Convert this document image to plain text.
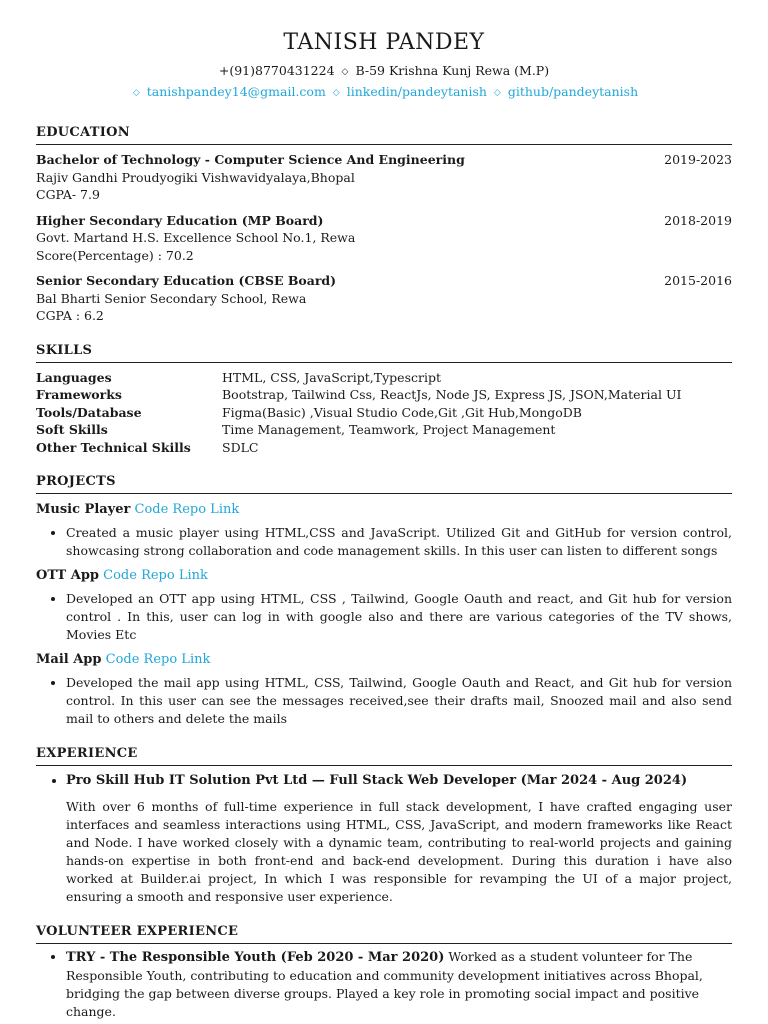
TANISH PANDEY
+(91)8770431224 ◇ B-59 Krishna Kunj Rewa (M.P)
◇ tanishpandey14@gmail.com ◇ linkedin/pandeytanish ◇ github/pandeytanish
EDUCATION
Bachelor of Technology - Computer Science And Engineering	2019-2023
Rajiv Gandhi Proudyogiki Vishwavidyalaya,Bhopal
CGPA- 7.9
Higher Secondary Education (MP Board)	2018-2019
Govt. Martand H.S. Excellence School No.1, Rewa
Score(Percentage) : 70.2
Senior Secondary Education (CBSE Board)	2015-2016
Bal Bharti Senior Secondary School, Rewa
CGPA : 6.2
SKILLS
Languages	HTML, CSS, JavaScript,Typescript
Frameworks	Bootstrap, Tailwind Css, ReactJs, Node JS, Express JS, JSON,Material UI
Tools/Database	Figma(Basic) ,Visual Studio Code,Git ,Git Hub,MongoDB
Soft Skills	Time Management, Teamwork, Project Management
Other Technical Skills	SDLC
PROJECTS
Music Player Code Repo Link
• Created a music player using HTML,CSS and JavaScript. Utilized Git and GitHub for version control, showcasing strong collaboration and code management skills. In this user can listen to different songs
OTT App Code Repo Link
• Developed an OTT app using HTML, CSS , Tailwind, Google Oauth and react, and Git hub for version control . In this, user can log in with google also and there are various categories of the TV shows, Movies Etc
Mail App Code Repo Link
• Developed the mail app using HTML, CSS, Tailwind, Google Oauth and React, and Git hub for version control. In this user can see the messages received,see their drafts mail, Snoozed mail and also send mail to others and delete the mails
EXPERIENCE
• Pro Skill Hub IT Solution Pvt Ltd — Full Stack Web Developer (Mar 2024 - Aug 2024)
With over 6 months of full-time experience in full stack development, I have crafted engaging user interfaces and seamless interactions using HTML, CSS, JavaScript, and modern frameworks like React and Node. I have worked closely with a dynamic team, contributing to real-world projects and gaining hands-on expertise in both front-end and back-end development. During this duration i have also worked at Builder.ai project, In which I was responsible for revamping the UI of a major project, ensuring a smooth and responsive user experience.
VOLUNTEER EXPERIENCE
• TRY - The Responsible Youth (Feb 2020 - Mar 2020) Worked as a student volunteer for The Responsible Youth, contributing to education and community development initiatives across Bhopal, bridging the gap between diverse groups. Played a key role in promoting social impact and positive change.
